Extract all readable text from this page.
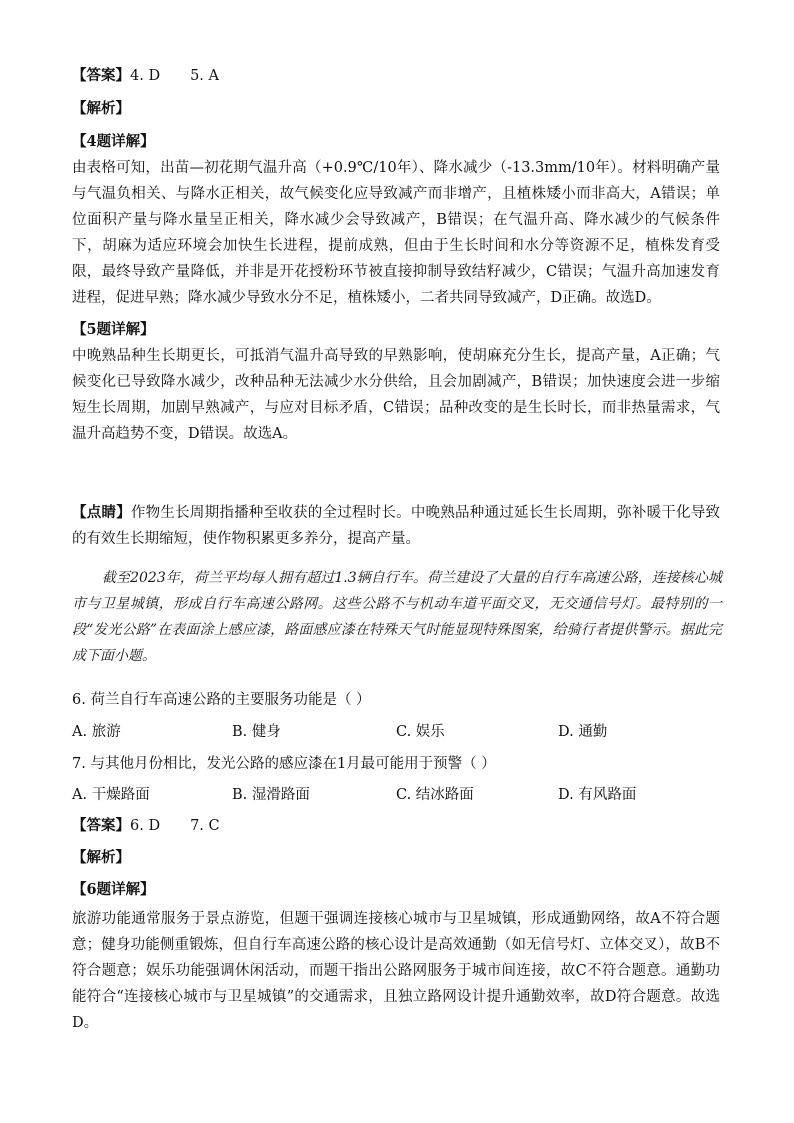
【答案】4. D 5. A
【解析】
【4题详解】
由表格可知，出苗—初花期气温升高（+0.9℃/10年）、降水减少（-13.3mm/10年）。材料明确产量与气温负相关、与降水正相关，故气候变化应导致减产而非增产，且植株矮小而非高大，A错误；单位面积产量与降水量呈正相关，降水减少会导致减产，B错误；在气温升高、降水减少的气候条件下，胡麻为适应环境会加快生长进程，提前成熟，但由于生长时间和水分等资源不足，植株发育受限，最终导致产量降低，并非是开花授粉环节被直接抑制导致结籽减少，C错误；气温升高加速发育进程，促进早熟；降水减少导致水分不足，植株矮小，二者共同导致减产，D正确。故选D。
【5题详解】
中晚熟品种生长期更长，可抵消气温升高导致的早熟影响，使胡麻充分生长，提高产量，A正确；气候变化已导致降水减少，改种品种无法减少水分供给，且会加剧减产，B错误；加快速度会进一步缩短生长周期，加剧早熟减产，与应对目标矛盾，C错误；品种改变的是生长时长，而非热量需求，气温升高趋势不变，D错误。故选A。
【点睛】作物生长周期指播种至收获的全过程时长。中晚熟品种通过延长生长周期，弥补暖干化导致的有效生长期缩短，使作物积累更多养分，提高产量。
截至2023年，荷兰平均每人拥有超过1.3辆自行车。荷兰建设了大量的自行车高速公路，连接核心城市与卫星城镇，形成自行车高速公路网。这些公路不与机动车道平面交叉，无交通信号灯。最特别的一段“发光公路”在表面涂上感应漆，路面感应漆在特殊天气时能显现特殊图案，给骑行者提供警示。据此完成下面小题。
6. 荷兰自行车高速公路的主要服务功能是（ ）
A. 旅游	B. 健身	C. 娱乐	D. 通勤
7. 与其他月份相比，发光公路的感应漆在1月最可能用于预警（ ）
A. 干燥路面	B. 湿滑路面	C. 结冰路面	D. 有风路面
【答案】6. D 7. C
【解析】
【6题详解】
旅游功能通常服务于景点游览，但题干强调连接核心城市与卫星城镇，形成通勤网络，故A不符合题意；健身功能侧重锻炼，但自行车高速公路的核心设计是高效通勤（如无信号灯、立体交叉），故B不符合题意；娱乐功能强调休闲活动，而题干指出公路网服务于城市间连接，故C不符合题意。通勤功能符合“连接核心城市与卫星城镇”的交通需求，且独立路网设计提升通勤效率，故D符合题意。故选D。
